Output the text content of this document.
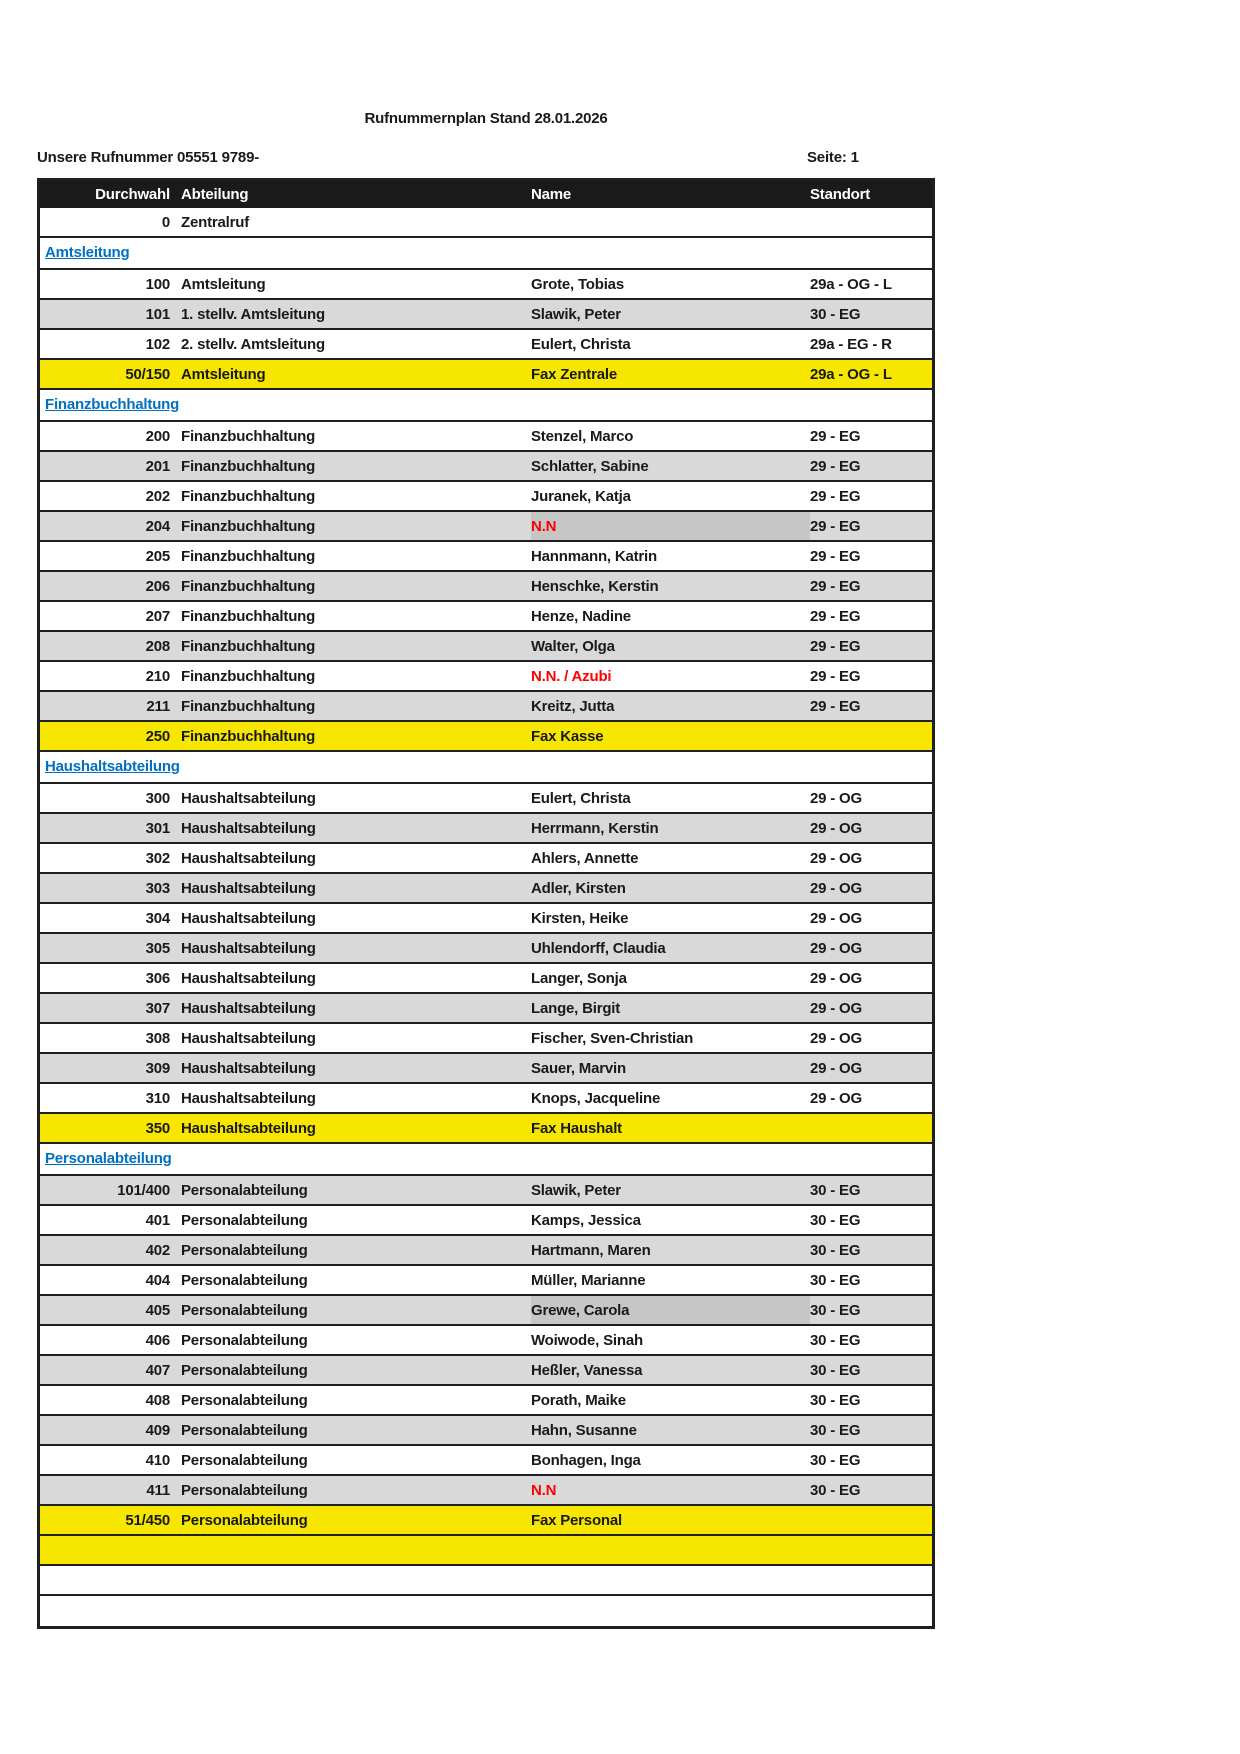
Rufnummernplan Stand 28.01.2026
Unsere Rufnummer 05551 9789-	Seite: 1
Durchwahl Abteilung	Name	Standort
0 Zentralruf
Amtsleitung
100 Amtsleitung	Grote, Tobias	29a - OG - L
101 1. stellv. Amtsleitung	Slawik, Peter	30 - EG
102 2. stellv. Amtsleitung	Eulert, Christa	29a - EG - R
50/150 Amtsleitung	Fax Zentrale	29a - OG - L
Finanzbuchhaltung
200 Finanzbuchhaltung	Stenzel, Marco	29 - EG
201 Finanzbuchhaltung	Schlatter, Sabine	29 - EG
202 Finanzbuchhaltung	Juranek, Katja	29 - EG
204 Finanzbuchhaltung	N.N	29 - EG
205 Finanzbuchhaltung	Hannmann, Katrin	29 - EG
206 Finanzbuchhaltung	Henschke, Kerstin	29 - EG
207 Finanzbuchhaltung	Henze, Nadine	29 - EG
208 Finanzbuchhaltung	Walter, Olga	29 - EG
210 Finanzbuchhaltung	N.N. / Azubi	29 - EG
211 Finanzbuchhaltung	Kreitz, Jutta	29 - EG
250 Finanzbuchhaltung	Fax Kasse
Haushaltsabteilung
300 Haushaltsabteilung	Eulert, Christa	29 - OG
301 Haushaltsabteilung	Herrmann, Kerstin	29 - OG
302 Haushaltsabteilung	Ahlers, Annette	29 - OG
303 Haushaltsabteilung	Adler, Kirsten	29 - OG
304 Haushaltsabteilung	Kirsten, Heike	29 - OG
305 Haushaltsabteilung	Uhlendorff, Claudia	29 - OG
306 Haushaltsabteilung	Langer, Sonja	29 - OG
307 Haushaltsabteilung	Lange, Birgit	29 - OG
308 Haushaltsabteilung	Fischer, Sven-Christian	29 - OG
309 Haushaltsabteilung	Sauer, Marvin	29 - OG
310 Haushaltsabteilung	Knops, Jacqueline	29 - OG
350 Haushaltsabteilung	Fax Haushalt
Personalabteilung
101/400 Personalabteilung	Slawik, Peter	30 - EG
401 Personalabteilung	Kamps, Jessica	30 - EG
402 Personalabteilung	Hartmann, Maren	30 - EG
404 Personalabteilung	Müller, Marianne	30 - EG
405 Personalabteilung	Grewe, Carola	30 - EG
406 Personalabteilung	Woiwode, Sinah	30 - EG
407 Personalabteilung	Heßler, Vanessa	30 - EG
408 Personalabteilung	Porath, Maike	30 - EG
409 Personalabteilung	Hahn, Susanne	30 - EG
410 Personalabteilung	Bonhagen, Inga	30 - EG
411 Personalabteilung	N.N	30 - EG
51/450 Personalabteilung	Fax Personal
